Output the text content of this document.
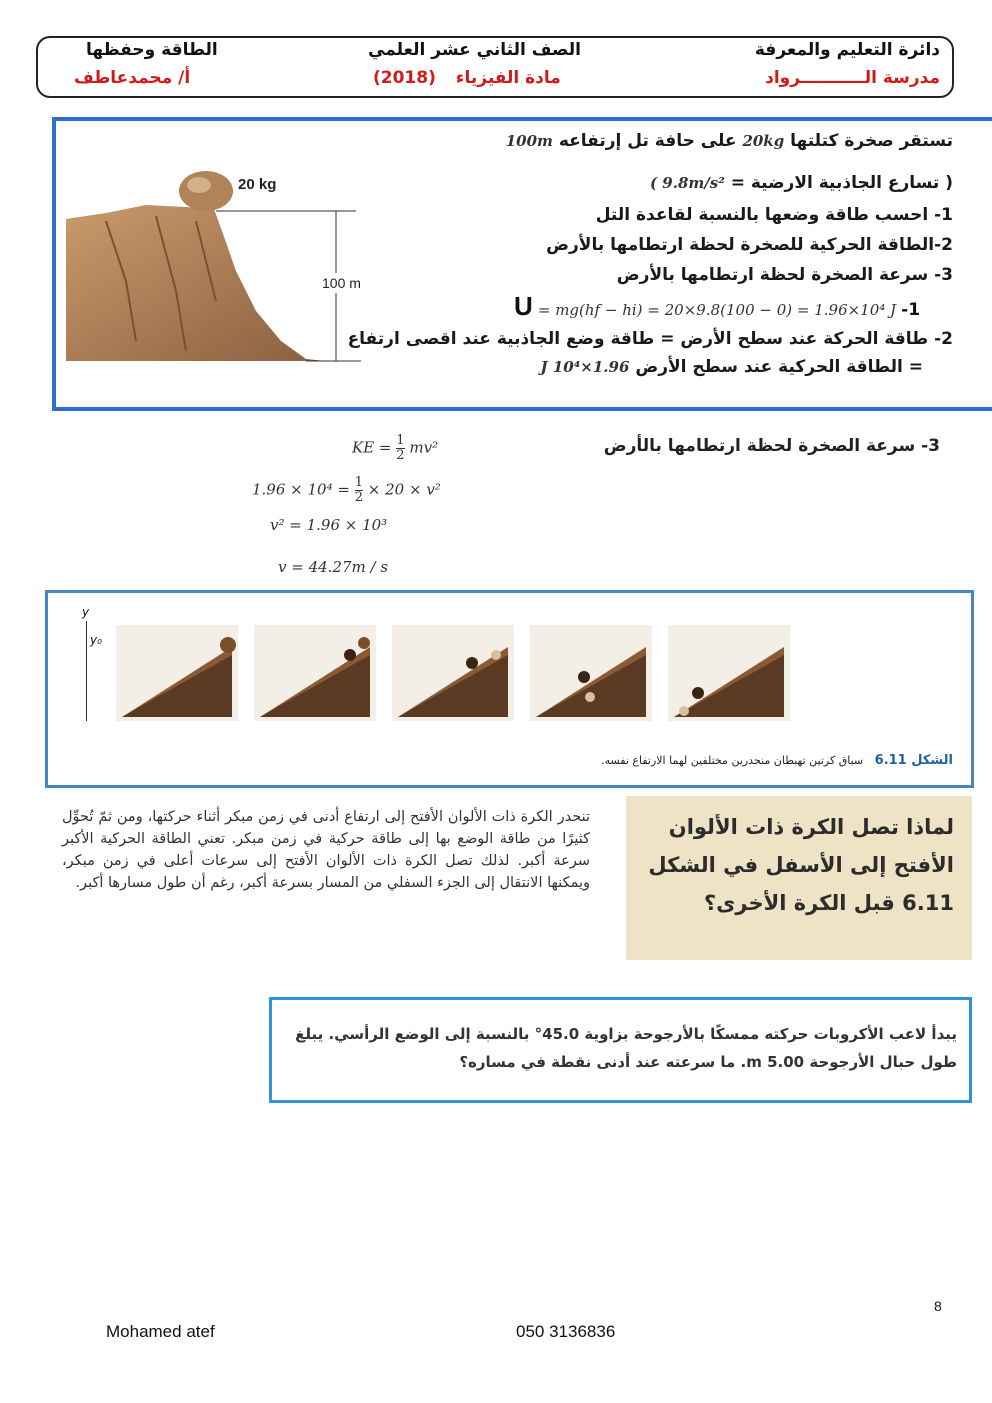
دائرة التعليم والمعرفة
مدرسة الـــــــــــرواد
الصف الثاني عشر العلمي
(2018) مادة الفيزياء
الطاقة وحفظها
أ/ محمدعاطف
20 kg
100 m
تستقر صخرة كتلتها 20kg على حافة تل إرتفاعه 100m
( تسارع الجاذبية الارضية = 9.8m/s² )
1- احسب طاقة وضعها بالنسبة لقاعدة التل
2-الطاقة الحركية للصخرة لحظة ارتطامها بالأرض
3- سرعة الصخرة لحظة ارتطامها بالأرض
U = mg(hf − hi) = 20×9.8(100 − 0) = 1.96×10⁴ J -1
2- طاقة الحركة عند سطح الأرض = طاقة وضع الجاذبية عند اقصى ارتفاع
= الطاقة الحركية عند سطح الأرض 1.96×10⁴ J
3- سرعة الصخرة لحظة ارتطامها بالأرض
KE = $\frac{1}{2} mv^2$
$1.96 \times 10^4 = \frac{1}{2} \times 20 \times v^2$
v² = 1.96 × 10³
v = 44.27m / s
y
y₀
الشكل 6.11 سباق كرتين تهبطان منحدرين مختلفين لهما الارتفاع نفسه.
تنحدر الكرة ذات الألوان الأفتح إلى ارتفاع أدنى في زمن مبكر أثناء حركتها، ومن ثمّ تُحوِّل كثيرًا من طاقة الوضع بها إلى طاقة حركية في زمن مبكر. تعني الطاقة الحركية الأكبر سرعة أكبر. لذلك تصل الكرة ذات الألوان الأفتح إلى سرعات أعلى في زمن مبكر، ويمكنها الانتقال إلى الجزء السفلي من المسار بسرعة أكبر، رغم أن طول مسارها أكبر.
لماذا تصل الكرة ذات الألوان الأفتح إلى الأسفل في الشكل 6.11 قبل الكرة الأخرى؟
يبدأ لاعب الأكروبات حركته ممسكًا بالأرجوحة بزاوية 45.0° بالنسبة إلى الوضع الرأسي. يبلغ طول حبال الأرجوحة 5.00 m. ما سرعته عند أدنى نقطة في مساره؟
8
Mohamed atef	050 3136836
